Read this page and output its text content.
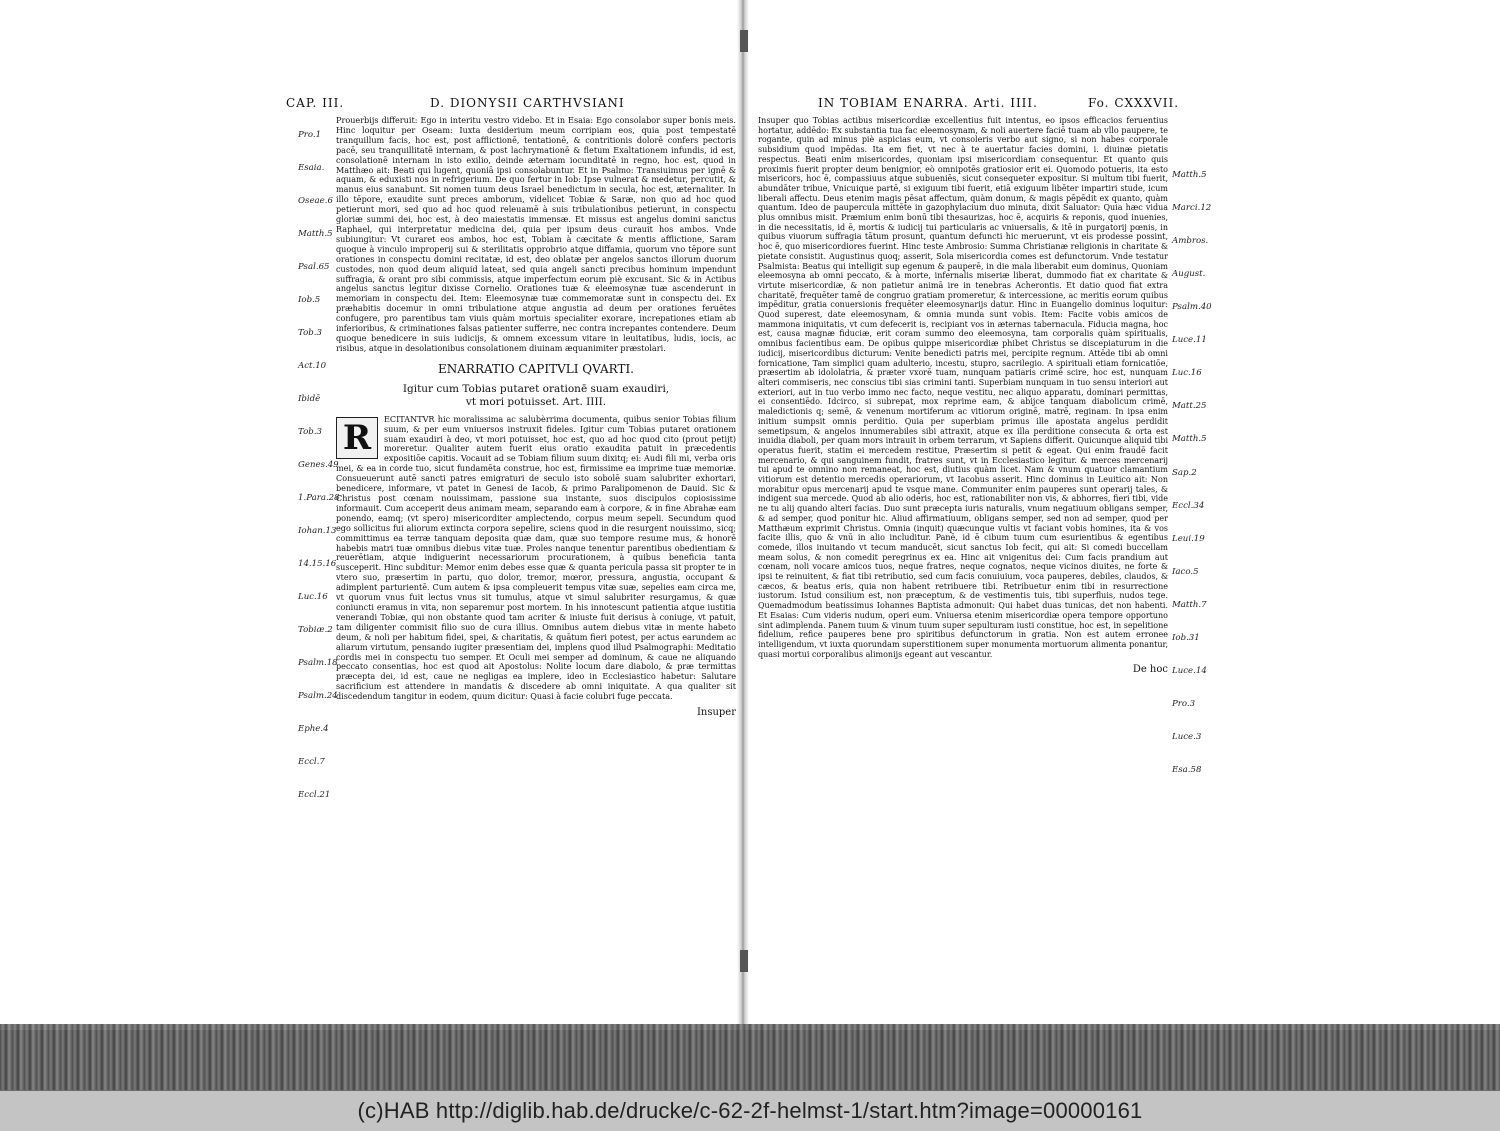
CAP. III.	D. DIONYSII CARTHVSIANI	IN TOBIAM ENARRA. Arti. IIII.	Fo. CXXXVII.

Prouerbijs differuit: Ego in interitu vestro videbo. Et in Esaia: Ego consolabor super bonis meis. Hinc loquitur per Oseam: Iuxta desiderium meum corripiam eos, quia post tempestatē tranquillum facis, hoc est, post afflictionē, tentationē, & contritionis dolorē confers pectoris pacē, seu tranquillitatē internam, & post lachrymationē & fletum Exaltationem infundis, id est, consolationē internam in isto exilio, deinde æternam iocunditatē in regno, hoc est, quod in Matthæo ait: Beati qui lugent, quoniā ipsi consolabuntur. Et in Psalmo: Transiuimus per ignē & aquam, & eduxisti nos in refrigerium. De quo fertur in Iob: Ipse vulnerat & medetur, percutit, & manus eius sanabunt. Sit nomen tuum deus Israel benedictum in secula, hoc est, æternaliter. In illo tēpore, exaudite sunt preces amborum, videlicet Tobiæ & Saræ, non quo ad hoc quod petierunt mori, sed quo ad hoc quod releuamē à suis tribulationibus petierunt, in conspectu gloriæ summi dei, hoc est, à deo maiestatis immensæ. Et missus est angelus domini sanctus Raphael, qui interpretatur medicina dei, quia per ipsum deus curauit hos ambos. Vnde subiungitur: Vt curaret eos ambos, hoc est, Tobiam à cæcitate & mentis afflictione, Saram quoque à vinculo improperij sui & sterilitatis opprobrio atque diffamia, quorum vno tēpore sunt orationes in conspectu domini recitatæ, id est, deo oblatæ per angelos sanctos illorum duorum custodes, non quod deum aliquid lateat, sed quia angeli sancti precibus hominum impendunt suffragia, & orant pro sibi commissis, atque imperfectum eorum piè excusant. Sic & in Actibus angelus sanctus legitur dixisse Cornelio. Orationes tuæ & eleemosynæ tuæ ascenderunt in memoriam in conspectu dei. Item: Eleemosynæ tuæ commemoratæ sunt in conspectu dei. Ex præhabitis docemur in omni tribulatione atque angustia ad deum per orationes feruētes confugere, pro parentibus tam viuis quàm mortuis specialiter exorare, increpationes etiam ab inferioribus, & criminationes falsas patienter sufferre, nec contra increpantes contendere. Deum quoque benedicere in suis iudicijs, & omnem excessum vitare in leuitatibus, ludis, iocis, ac risibus, atque in desolationibus consolationem diuinam æquanimiter præstolari.

ENARRATIO CAPITVLI QVARTI.
Igitur cum Tobias putaret orationē suam exaudiri,
vt mori potuisset. Art. IIII.
R	ECITANTVR hic moralissima ac salubèrrima documenta, quibus senior Tobias filium suum, & per eum vniuersos instruxit fideles. Igitur cum Tobias putaret orationem suam exaudiri à deo, vt mori potuisset, hoc est, quo ad hoc quod cito (prout petijt) moreretur. Qualiter autem fuerit eius oratio exaudita patuit in præcedentis expositiōe capitis. Vocauit ad se Tobiam filium suum dixitq; ei: Audi fili mi, verba oris mei, & ea in corde tuo, sicut fundamēta construe, hoc est, firmissime ea imprime tuæ memoriæ. Consueuerunt autē sancti patres emigraturi de seculo isto sobolē suam salubriter exhortari, benedicere, informare, vt patet in Genesi de Iacob, & primo Paralipomenon de Dauid. Sic & Christus post cœnam nouissimam, passione sua instante, suos discipulos copiosissime informauit. Cum acceperit deus animam meam, separando eam à corpore, & in fine Abrahæ eam ponendo, eamq; (vt spero) misericorditer amplectendo, corpus meum sepeli. Secundum quod ego sollicitus fui aliorum extincta corpora sepelire, sciens quod in die resurgent nouissimo, sicq; committimus ea terræ tanquam deposita quæ dam, quæ suo tempore resume mus, & honorē habebis matri tuæ omnibus diebus vitæ tuæ. Proles nanque tenentur parentibus obedientiam & reuerētiam, atque indiguerint necessariorum procurationem, à quibus beneficia tanta susceperit. Hinc subditur: Memor enim debes esse quæ & quanta pericula passa sit propter te in vtero suo, præsertim in partu, quo dolor, tremor, mœror, pressura, angustia, occupant & adimplent parturientē. Cum autem & ipsa compleuerit tempus vitæ suæ, sepelies eam circa me, vt quorum vnus fuit lectus vnus sit tumulus, atque vt simul salubriter resurgamus, & quæ coniuncti eramus in vita, non separemur post mortem. In his innotescunt patientia atque iustitia venerandi Tobiæ, qui non obstante quod tam acriter & iniuste fuit derisus à coniuge, vt patuit, tam diligenter commisit filio suo de cura illius. Omnibus autem diebus vitæ in mente habeto deum, & noli per habitum fidei, spei, & charitatis, & quātum fieri potest, per actus earundem ac aliarum virtutum, pensando iugiter præsentiam dei, implens quod illud Psalmographi: Meditatio cordis mei in conspectu tuo semper. Et Oculi mei semper ad dominum, & caue ne aliquando peccato consentias, hoc est quod ait Apostolus: Nolite locum dare diabolo, & præ termittas præcepta dei, id est, caue ne negligas ea implere, ideo in Ecclesiastico habetur: Salutare sacrificium est attendere in mandatis & discedere ab omni iniquitate. A qua qualiter sit discedendum tangitur in eodem, quum dicitur: Quasi à facie colubri fuge peccata.

Insuper
Pro.1
Esaia.
Oseae.6
Matth.5
Psal.65
Iob.5
Tob.3
Act.10
Ibidē
Tob.3
Genes.49
1.Para.28
Iohan.13
14.15.16
Luc.16
Tobiæ.2
Psalm.18
Psalm.24
Ephe.4
Eccl.7
Eccl.21

Insuper quo Tobias actibus misericordiæ excellentius fuit intentus, eo ipsos efficacios feruentius hortatur, addēdo: Ex substantia tua fac eleemosynam, & noli auertere faciē tuam ab vllo paupere, te rogante, quin ad minus piè aspicias eum, vt consoleris verbo aut signo, si non habes corporale subsidium quod impēdas. Ita em fiet, vt nec à te auertatur facies domini, i. diuinæ pietatis respectus. Beati enim misericordes, quoniam ipsi misericordiam consequentur. Et quanto quis proximis fuerit propter deum benignior, eò omnipotēs gratiosior erit ei. Quomodo potueris, ita esto misericors, hoc ē, compassiuus atque subueniēs, sicut consequeter expositur. Si multum tibi fuerit, abundāter tribue, Vnicuique partē, si exiguum tibi fuerit, etiā exiguum libēter impartiri stude, icum liberali affectu. Deus etenim magis pēsat affectum, quàm donum, & magis pēpēdit ex quanto, quàm quantum. Ideo de paupercula mittēte in gazophylacium duo minuta, dixit Saluator: Quia hæc vidua plus omnibus misit. Præmium enim bonū tibi thesaurizas, hoc ē, acquiris & reponis, quod inuenies, in die necessitatis, id ē, mortis & iudicij tui particularis ac vniuersalis, & itē in purgatorij pœnis, in quibus viuorum suffragia tātum prosunt, quantum defuncti hic meruerunt, vt eis prodesse possint, hoc ē, quo misericordiores fuerint. Hinc teste Ambrosio: Summa Christianæ religionis in charitate & pietate consistit. Augustinus quoq; asserit, Sola misericordia comes est defunctorum. Vnde testatur Psalmista: Beatus qui intelligit sup egenum & pauperē, in die mala liberabit eum dominus, Quoniam eleemosyna ab omni peccato, & à morte, infernalis miseriæ liberat, dummodo fiat ex charitate & virtute misericordiæ, & non patietur animā ire in tenebras Acherontis. Et datio quod fiat extra charitatē, frequēter tamē de congruo gratiam promeretur, & intercessione, ac meritis eorum quibus impēditur, gratia conuersionis frequēter eleemosynarijs datur. Hinc in Euangelio dominus loquitur: Quod superest, date eleemosynam, & omnia munda sunt vobis. Item: Facite vobis amicos de mammona iniquitatis, vt cum defecerit is, recipiant vos in æternas tabernacula. Fiducia magna, hoc est, causa magnæ fiduciæ, erit coram summo deo eleemosyna, tam corporalis quàm spiritualis, omnibus facientibus eam. De opibus quippe misericordiæ phibet Christus se discepiaturum in die iudicij, misericordibus dicturum: Venite benedicti patris mei, percipite regnum. Attēde tibi ab omni fornicatione, Tam simplici quam adulterio, incestu, stupro, sacrilegio. A spirituali etiam fornicatiōe, præsertim ab idololatria, & præter vxorē tuam, nunquam patiaris crimē scire, hoc est, nunquam alteri commiseris, nec conscius tibi sias crimini tanti. Superbiam nunquam in tuo sensu interiori aut exteriori, aut in tuo verbo immo nec facto, neque vestitu, nec aliquo apparatu, dominari permittas, ei consentiēdo. Idcirco, si subrepat, mox reprime eam, & abijce tanquam diabolicum crimē, maledictionis q; semē, & venenum mortiferum ac vitiorum originē, matrē, reginam. In ipsa enim initium sumpsit omnis perditio. Quia per superbiam primus ille apostata angelus perdidit semetipsum, & angelos innumerabiles sibi attraxit, atque ex illa perditione consecuta & orta est inuidia diaboli, per quam mors intrauit in orbem terrarum, vt Sapiens differit. Quicunque aliquid tibi operatus fuerit, statim ei mercedem restitue, Præsertim si petit & egeat. Qui enim fraudē facit mercenario, & qui sanguinem fundit, fratres sunt, vt in Ecclesiastico legitur. & merces mercenarij tui apud te omnino non remaneat, hoc est, diutius quàm licet. Nam & vnum quatuor clamantium vitiorum est detentio mercedis operariorum, vt Iacobus asserit. Hinc dominus in Leuitico ait: Non morabitur opus mercenarij apud te vsque mane. Communiter enim pauperes sunt operarij tales, & indigent sua mercede. Quod ab alio oderis, hoc est, rationabiliter non vis, & abhorres, fieri tibi, vide ne tu alij quando alteri facias. Duo sunt præcepta iuris naturalis, vnum negatiuum obligans semper, & ad semper, quod ponitur hic. Aliud affirmatiuum, obligans semper, sed non ad semper, quod per Matthæum exprimit Christus. Omnia (inquit) quæcunque vultis vt faciant vobis homines, ita & vos facite illis, quo & vnū in alio includitur. Panē, id ē cibum tuum cum esurientibus & egentibus comede, illos inuitando vt tecum manducēt, sicut sanctus Iob fecit, qui ait: Si comedi buccellam meam solus, & non comedit peregrinus ex ea. Hinc ait vnigenitus dei: Cum facis prandium aut cœnam, noli vocare amicos tuos, neque fratres, neque cognatos, neque vicinos diuites, ne forte & ipsi te reinuitent, & fiat tibi retributio, sed cum facis conuiuium, voca pauperes, debiles, claudos, & cæcos, & beatus eris, quia non habent retribuere tibi. Retribuetur enim tibi in resurrectione iustorum. Istud consilium est, non præceptum, & de vestimentis tuis, tibi superfluis, nudos tege. Quemadmodum beatissimus Iohannes Baptista admonuit: Qui habet duas tunicas, det non habenti. Et Esaias: Cum videris nudum, operi eum. Vniuersa etenim misericordiæ opera tempore opportuno sint adimplenda. Panem tuum & vinum tuum super sepulturam iusti constitue, hoc est, in sepelitione fidelium, refice pauperes bene pro spiritibus defunctorum in gratia. Non est autem erronee intelligendum, vt iuxta quorundam superstitionem super monumenta mortuorum alimenta ponantur, quasi mortui corporalibus alimonijs egeant aut vescantur.

De hoc
Matth.5
Marci.12
Ambros.
August.
Psalm.40
Luce.11
Luc.16
Matt.25
Matth.5
Sap.2
Eccl.34
Leui.19
Iaco.5
Matth.7
Iob.31
Luce.14
Pro.3
Luce.3
Esa.58
(c)HAB http://diglib.hab.de/drucke/c-62-2f-helmst-1/start.htm?image=00000161
